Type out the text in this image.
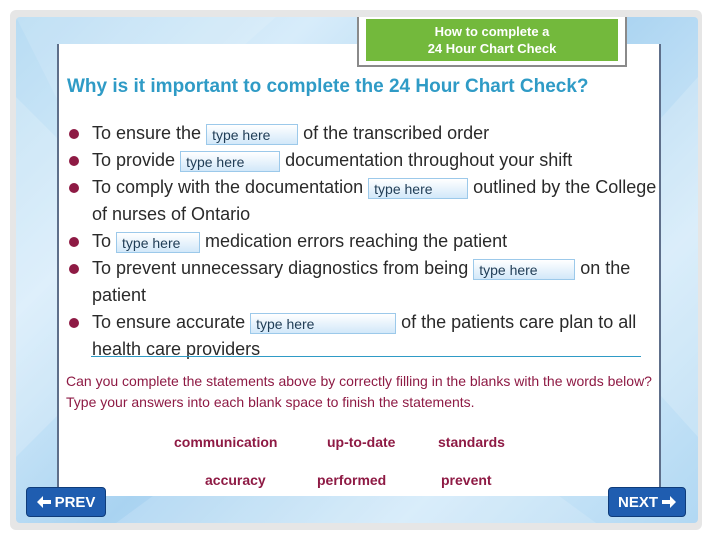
How to complete a
24 Hour Chart Check
Why is it important to complete the 24 Hour Chart Check?
To ensure the type here of the transcribed order
To provide type here documentation throughout your shift
To comply with the documentation type here outlined by the College of nurses of Ontario
To type here medication errors reaching the patient
To prevent unnecessary diagnostics from being type here on the patient
To ensure accurate type here	of the patients care plan to all health care providers
Can you complete the statements above by correctly filling in the blanks with the words below? Type your answers into each blank space to finish the statements.
communication	up-to-date	standards
accuracy	performed	prevent
PREV	NEXT
